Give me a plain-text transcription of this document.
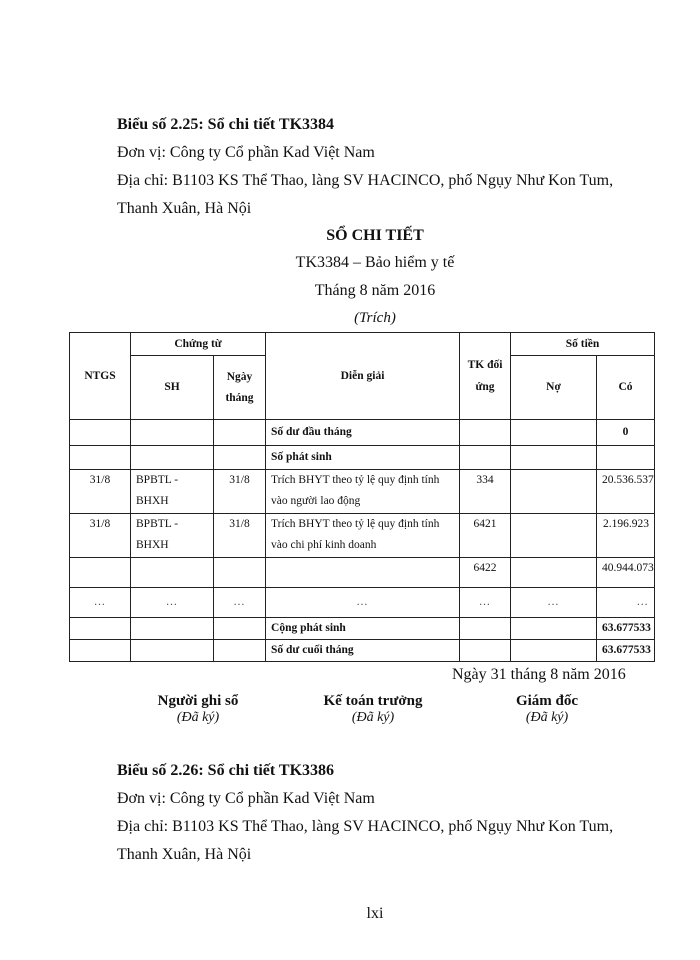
Biểu số 2.25: Sổ chi tiết TK3384
Đơn vị: Công ty Cổ phần Kad Việt Nam
Địa chỉ: B1103 KS Thể Thao, làng SV HACINCO, phố Ngụy Như Kon Tum,
Thanh Xuân, Hà Nội
SỔ CHI TIẾT
TK3384 – Bảo hiểm y tế
Tháng 8 năm 2016
(Trích)
NTGS	Chứng từ		Diễn giải	TK đối ứng	Số tiền	
	SH	Ngày tháng			Nợ	Có
			Số dư đầu tháng			0
			Số phát sinh			
31/8	BPBTL - BHXH	31/8	Trích BHYT theo tỷ lệ quy định tính vào người lao động	334		20.536.537
31/8	BPBTL - BHXH	31/8	Trích BHYT theo tỷ lệ quy định tính vào chi phí kinh doanh	6421		2.196.923
				6422		40.944.073
…	…	…	…	…	…	…
			Cộng phát sinh			63.677533
			Số dư cuối tháng			63.677533
Ngày 31 tháng 8 năm 2016
Người ghi sổ
(Đã ký)
Kế toán trưởng
(Đã ký)
Giám đốc
(Đã ký)
Biểu số 2.26: Sổ chi tiết TK3386
Đơn vị: Công ty Cổ phần Kad Việt Nam
Địa chỉ: B1103 KS Thể Thao, làng SV HACINCO, phố Ngụy Như Kon Tum,
Thanh Xuân, Hà Nội
lxi
